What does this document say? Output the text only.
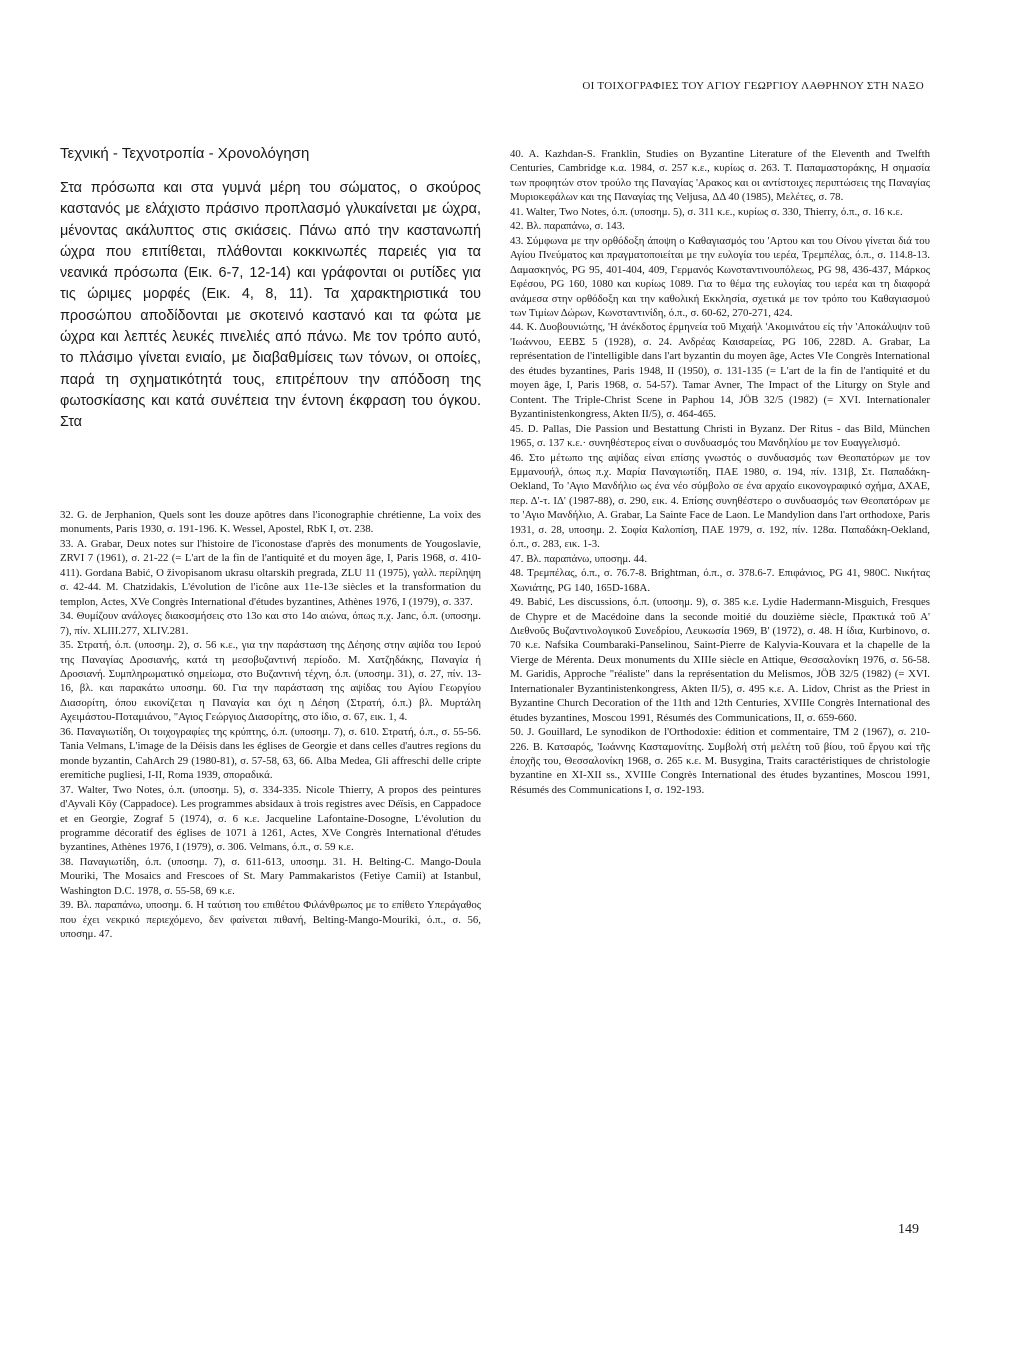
ΟΙ ΤΟΙΧΟΓΡΑΦΙΕΣ ΤΟΥ ΑΓΙΟΥ ΓΕΩΡΓΙΟΥ ΛΑΘΡΗΝΟΥ ΣΤΗ ΝΑΞΟ
Τεχνική - Τεχνοτροπία - Χρονολόγηση

Στα πρόσωπα και στα γυμνά μέρη του σώματος, ο σκούρος καστανός με ελάχιστο πράσινο προπλασμό γλυκαίνεται με ώχρα, μένοντας ακάλυπτος στις σκιάσεις. Πάνω από την καστανωπή ώχρα που επιτίθεται, πλάθονται κοκκινωπές παρειές για τα νεανικά πρόσωπα (Εικ. 6-7, 12-14) και γράφονται οι ρυτίδες για τις ώριμες μορφές (Εικ. 4, 8, 11). Τα χαρακτηριστικά του προσώπου αποδίδονται με σκοτεινό καστανό και τα φώτα με ώχρα και λεπτές λευκές πινελιές από πάνω. Με τον τρόπο αυτό, το πλάσιμο γίνεται ενιαίο, με διαβαθμίσεις των τόνων, οι οποίες, παρά τη σχηματικότητά τους, επιτρέπουν την απόδοση της φωτοσκίασης και κατά συνέπεια την έντονη έκφραση του όγκου. Στα

32. G. de Jerphanion, Quels sont les douze apôtres dans l'iconographie chrétienne, La voix des monuments, Paris 1930, σ. 191-196. K. Wessel, Apostel, RbK I, στ. 238.

33. A. Grabar, Deux notes sur l'histoire de l'iconostase d'après des monuments de Yougoslavie, ZRVI 7 (1961), σ. 21-22 (= L'art de la fin de l'antiquité et du moyen âge, I, Paris 1968, σ. 410-411). Gordana Babić, O živopisanom ukrasu oltarskih pregrada, ZLU 11 (1975), γαλλ. περίληψη σ. 42-44. M. Chatzidakis, L'évolution de l'icône aux 11e-13e siècles et la transformation du templon, Actes, XVe Congrès International d'études byzantines, Athènes 1976, I (1979), σ. 337.

34. Θυμίζουν ανάλογες διακοσμήσεις στο 13ο και στο 14ο αιώνα, όπως π.χ. Janc, ό.π. (υποσημ. 7), πίν. XLIII.277, XLIV.281.

35. Στρατή, ό.π. (υποσημ. 2), σ. 56 κ.ε., για την παράσταση της Δέησης στην αψίδα του Ιερού της Παναγίας Δροσιανής, κατά τη μεσοβυζαντινή περίοδο. Μ. Χατζηδάκης, Παναγία ή Δροσιανή. Συμπληρωματικό σημείωμα, στο Βυζαντινή τέχνη, ό.π. (υποσημ. 31), σ. 27, πίν. 13-16, βλ. και παρακάτω υποσημ. 60. Για την παράσταση της αψίδας του Αγίου Γεωργίου Διασορίτη, όπου εικονίζεται η Παναγία και όχι η Δέηση (Στρατή, ό.π.) βλ. Μυρτάλη Αχειμάστου-Ποταμιάνου, "Αγιος Γεώργιος Διασορίτης, στο ίδιο, σ. 67, εικ. 1, 4.

36. Παναγιωτίδη, Οι τοιχογραφίες της κρύπτης, ό.π. (υποσημ. 7), σ. 610. Στρατή, ό.π., σ. 55-56. Tania Velmans, L'image de la Déisis dans les églises de Georgie et dans celles d'autres regions du monde byzantin, CahArch 29 (1980-81), σ. 57-58, 63, 66. Alba Medea, Gli affreschi delle cripte eremitiche pugliesi, I-II, Roma 1939, σποραδικά.

37. Walter, Two Notes, ό.π. (υποσημ. 5), σ. 334-335. Nicole Thierry, A propos des peintures d'Ayvali Köy (Cappadoce). Les programmes absidaux à trois registres avec Déïsis, en Cappadoce et en Georgie, Zograf 5 (1974), σ. 6 κ.ε. Jacqueline Lafontaine-Dosogne, L'évolution du programme décoratif des églises de 1071 à 1261, Actes, XVe Congrès International d'études byzantines, Athènes 1976, I (1979), σ. 306. Velmans, ό.π., σ. 59 κ.ε.

38. Παναγιωτίδη, ό.π. (υποσημ. 7), σ. 611-613, υποσημ. 31. H. Belting-C. Mango-Doula Mouriki, The Mosaics and Frescoes of St. Mary Pammakaristos (Fetiye Camii) at Istanbul, Washington D.C. 1978, σ. 55-58, 69 κ.ε.

39. Βλ. παραπάνω, υποσημ. 6. Η ταύτιση του επιθέτου Φιλάνθρωπος με το επίθετο Υπεράγαθος που έχει νεκρικό περιεχόμενο, δεν φαίνεται πιθανή, Belting-Mango-Mouriki, ό.π., σ. 56, υποσημ. 47.

40. A. Kazhdan-S. Franklin, Studies on Byzantine Literature of the Eleventh and Twelfth Centuries, Cambridge κ.α. 1984, σ. 257 κ.ε., κυρίως σ. 263. Τ. Παπαμαστοράκης, Η σημασία των προφητών στον τρούλο της Παναγίας 'Αρακος και οι αντίστοιχες περιπτώσεις της Παναγίας Μυριοκεφάλων και της Παναγίας της Veljusa, ΔΔ 40 (1985), Μελέτες, σ. 78.

41. Walter, Two Notes, ό.π. (υποσημ. 5), σ. 311 κ.ε., κυρίως σ. 330, Thierry, ό.π., σ. 16 κ.ε.

42. Βλ. παραπάνω, σ. 143.

43. Σύμφωνα με την ορθόδοξη άποψη ο Καθαγιασμός του 'Αρτου και του Οίνου γίνεται διά του Αγίου Πνεύματος και πραγματοποιείται με την ευλογία του ιερέα, Τρεμπέλας, ό.π., σ. 114.8-13. Δαμασκηνός, PG 95, 401-404, 409, Γερμανός Κωνσταντινουπόλεως, PG 98, 436-437, Μάρκος Εφέσου, PG 160, 1080 και κυρίως 1089. Για το θέμα της ευλογίας του ιερέα και τη διαφορά ανάμεσα στην ορθόδοξη και την καθολική Εκκλησία, σχετικά με τον τρόπο του Καθαγιασμού των Τιμίων Δώρων, Κωνσταντινίδη, ό.π., σ. 60-62, 270-271, 424.

44. Κ. Δυοβουνιώτης, 'Η ἀνέκδοτος ἑρμηνεία τοῦ Μιχαήλ 'Ακομινάτου εἰς τὴν 'Αποκάλυψιν τοῦ 'Ιωάννου, ΕΕΒΣ 5 (1928), σ. 24. Ανδρέας Καισαρείας, PG 106, 228D. A. Grabar, La représentation de l'intelligible dans l'art byzantin du moyen âge, Actes VIe Congrès International des études byzantines, Paris 1948, II (1950), σ. 131-135 (= L'art de la fin de l'antiquité et du moyen âge, I, Paris 1968, σ. 54-57). Tamar Avner, The Impact of the Liturgy on Style and Content. The Triple-Christ Scene in Paphou 14, JÖB 32/5 (1982) (= XVI. Internationaler Byzantinistenkongress, Akten II/5), σ. 464-465.

45. D. Pallas, Die Passion und Bestattung Christi in Byzanz. Der Ritus - das Bild, München 1965, σ. 137 κ.ε.· συνηθέστερος είναι ο συνδυασμός του Μανδηλίου με τον Ευαγγελισμό.

46. Στο μέτωπο της αψίδας είναι επίσης γνωστός ο συνδυασμός των Θεοπατόρων με τον Εμμανουήλ, όπως π.χ. Μαρία Παναγιωτίδη, ΠΑΕ 1980, σ. 194, πίν. 131β, Στ. Παπαδάκη-Oekland, Το 'Αγιο Μανδήλιο ως ένα νέο σύμβολο σε ένα αρχαίο εικονογραφικό σχήμα, ΔΧΑΕ, περ. Δ'-τ. ΙΔ' (1987-88), σ. 290, εικ. 4. Επίσης συνηθέστερο ο συνδυασμός των Θεοπατόρων με το 'Αγιο Μανδήλιο, A. Grabar, La Sainte Face de Laon. Le Mandylion dans l'art orthodoxe, Paris 1931, σ. 28, υποσημ. 2. Σοφία Καλοπίση, ΠΑΕ 1979, σ. 192, πίν. 128α. Παπαδάκη-Oekland, ό.π., σ. 283, εικ. 1-3.

47. Βλ. παραπάνω, υποσημ. 44.

48. Τρεμπέλας, ό.π., σ. 76.7-8. Brightman, ό.π., σ. 378.6-7. Επιφάνιος, PG 41, 980C. Νικήτας Χωνιάτης, PG 140, 165D-168A.

49. Babić, Les discussions, ό.π. (υποσημ. 9), σ. 385 κ.ε. Lydie Hadermann-Misguich, Fresques de Chypre et de Macédoine dans la seconde moitié du douzième siècle, Πρακτικά τοῦ Α' Διεθνοῦς Βυζαντινολογικοῦ Συνεδρίου, Λευκωσία 1969, Β' (1972), σ. 48. Η ίδια, Kurbinovo, σ. 70 κ.ε. Nafsika Coumbaraki-Panselinou, Saint-Pierre de Kalyvia-Kouvara et la chapelle de la Vierge de Mérenta. Deux monuments du XIIIe siècle en Attique, Θεσσαλονίκη 1976, σ. 56-58. M. Garidis, Approche "réaliste" dans la représentation du Melismos, JÖB 32/5 (1982) (= XVI. Internationaler Byzantinistenkongress, Akten II/5), σ. 495 κ.ε. A. Lidov, Christ as the Priest in Byzantine Church Decoration of the 11th and 12th Centuries, XVIIIe Congrès International des études byzantines, Moscou 1991, Résumés des Communications, II, σ. 659-660.

50. J. Gouillard, Le synodikon de l'Orthodoxie: édition et commentaire, TM 2 (1967), σ. 210-226. Β. Κατσαρός, 'Ιωάννης Κασταμονίτης. Συμβολή στή μελέτη τοῦ βίου, τοῦ ἔργου καί τῆς ἐποχῆς του, Θεσσαλονίκη 1968, σ. 265 κ.ε. M. Busygina, Traits caractéristiques de christologie byzantine en XI-XII ss., XVIIIe Congrès International des études byzantines, Moscou 1991, Résumés des Communications I, σ. 192-193.

149
